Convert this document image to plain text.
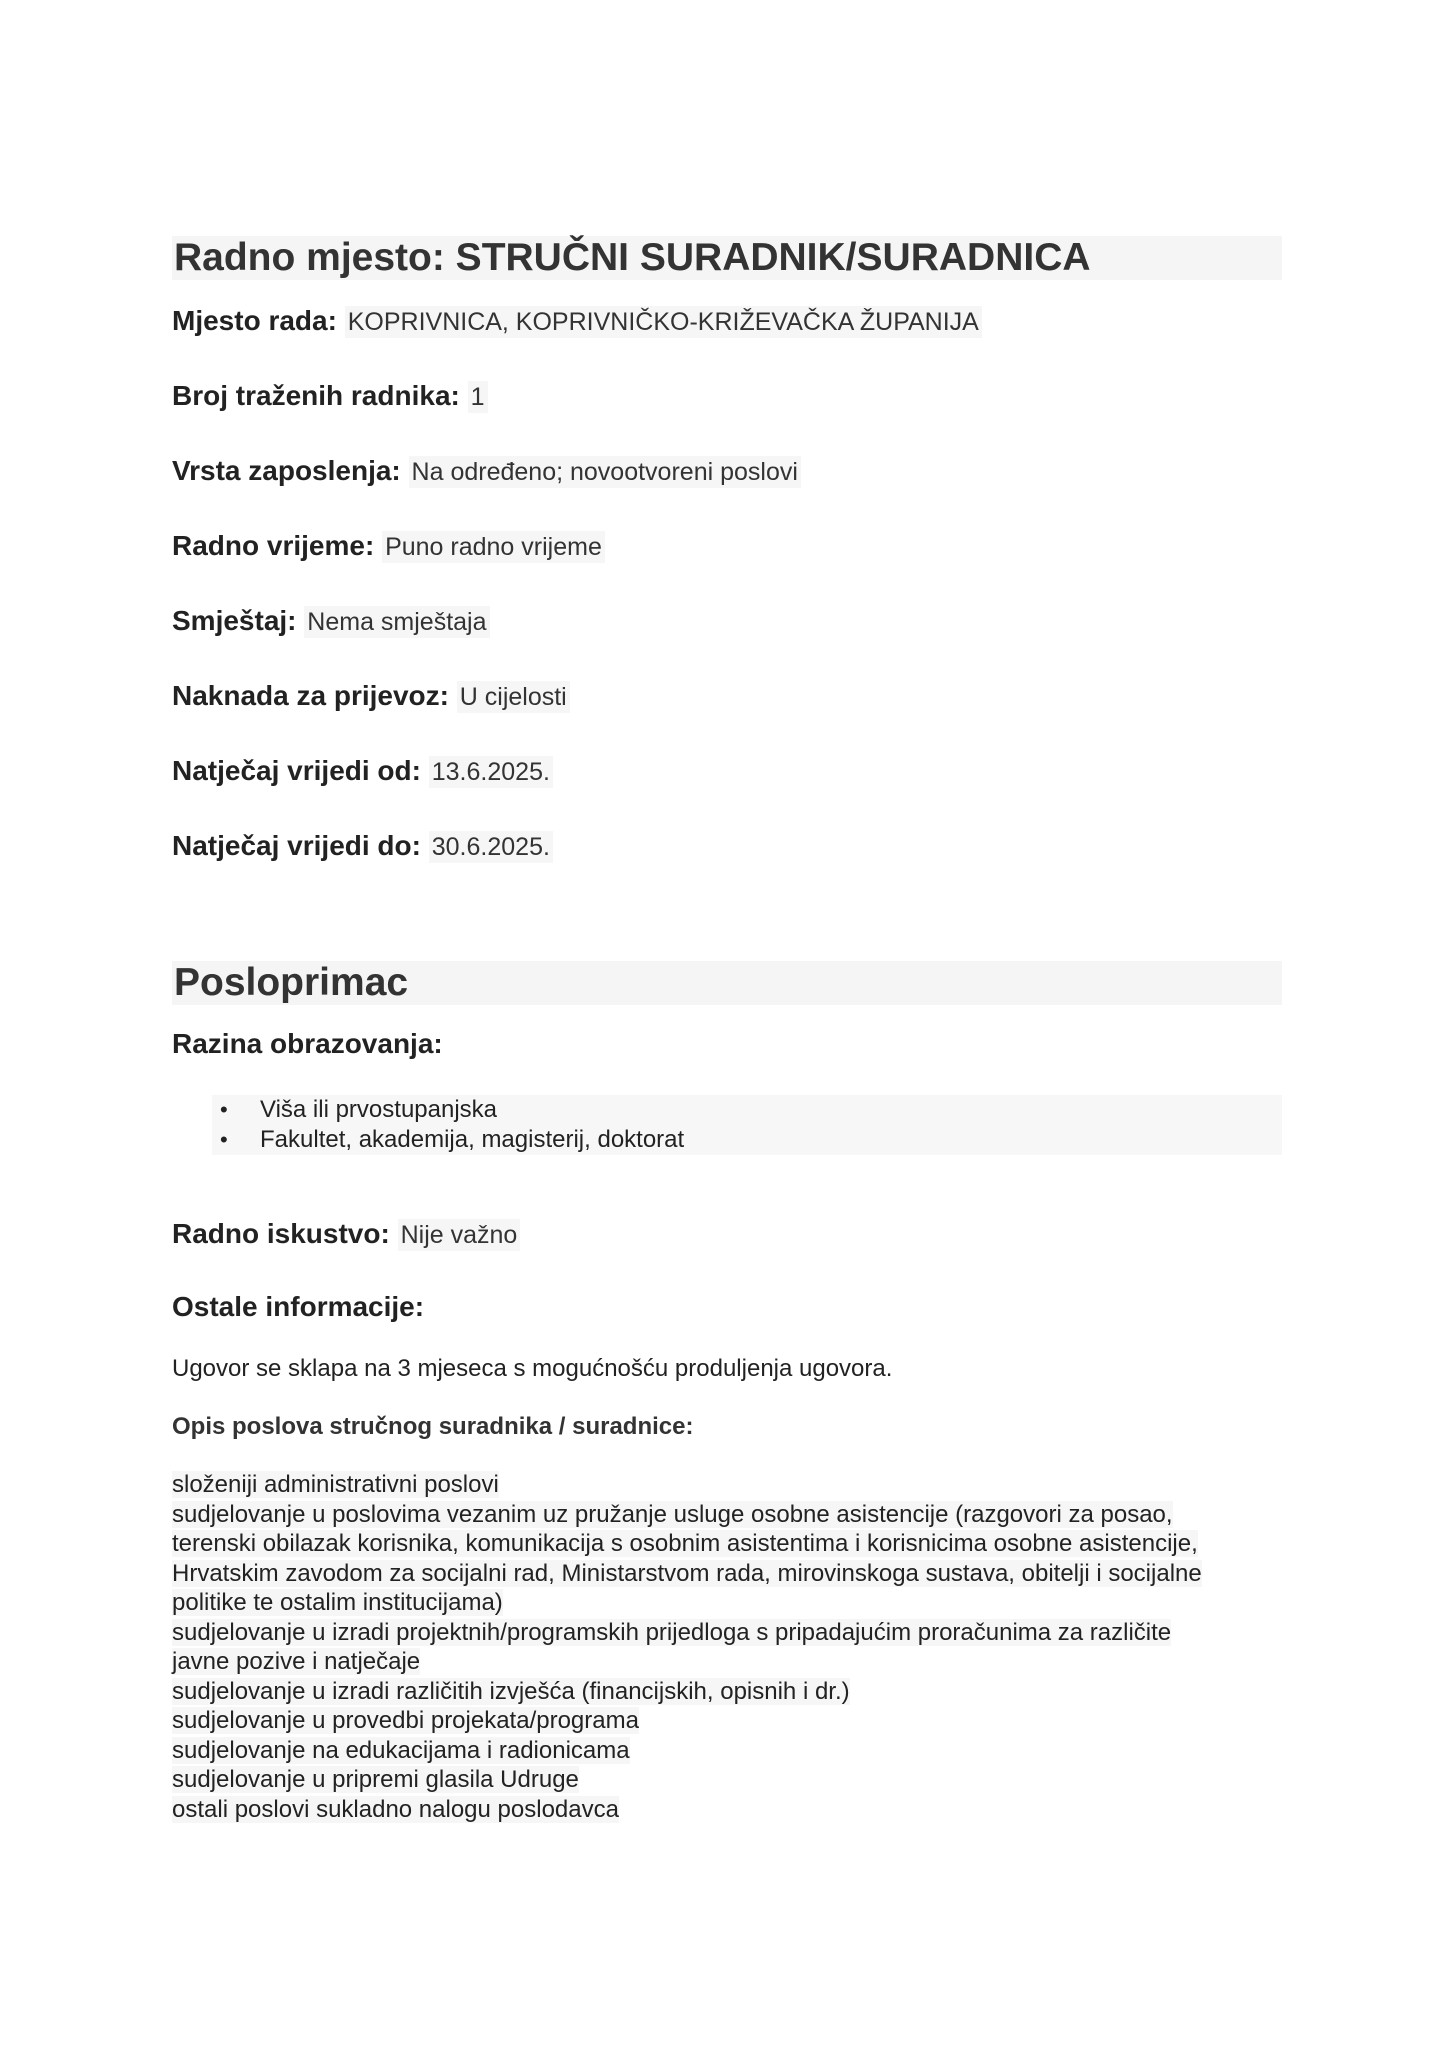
Radno mjesto: STRUČNI SURADNIK/SURADNICA

Mjesto rada: KOPRIVNICA, KOPRIVNIČKO-KRIŽEVAČKA ŽUPANIJA

Broj traženih radnika: 1

Vrsta zaposlenja: Na određeno; novootvoreni poslovi

Radno vrijeme: Puno radno vrijeme

Smještaj: Nema smještaja

Naknada za prijevoz: U cijelosti

Natječaj vrijedi od: 13.6.2025.

Natječaj vrijedi do: 30.6.2025.

Posloprimac

Razina obrazovanja:

• Viša ili prvostupanjska
• Fakultet, akademija, magisterij, doktorat

Radno iskustvo: Nije važno

Ostale informacije:

Ugovor se sklapa na 3 mjeseca s mogućnošću produljenja ugovora.

Opis poslova stručnog suradnika / suradnice:

složeniji administrativni poslovi
sudjelovanje u poslovima vezanim uz pružanje usluge osobne asistencije (razgovori za posao,
terenski obilazak korisnika, komunikacija s osobnim asistentima i korisnicima osobne asistencije,
Hrvatskim zavodom za socijalni rad, Ministarstvom rada, mirovinskoga sustava, obitelji i socijalne
politike te ostalim institucijama)
sudjelovanje u izradi projektnih/programskih prijedloga s pripadajućim proračunima za različite
javne pozive i natječaje
sudjelovanje u izradi različitih izvješća (financijskih, opisnih i dr.)
sudjelovanje u provedbi projekata/programa
sudjelovanje na edukacijama i radionicama
sudjelovanje u pripremi glasila Udruge
ostali poslovi sukladno nalogu poslodavca
